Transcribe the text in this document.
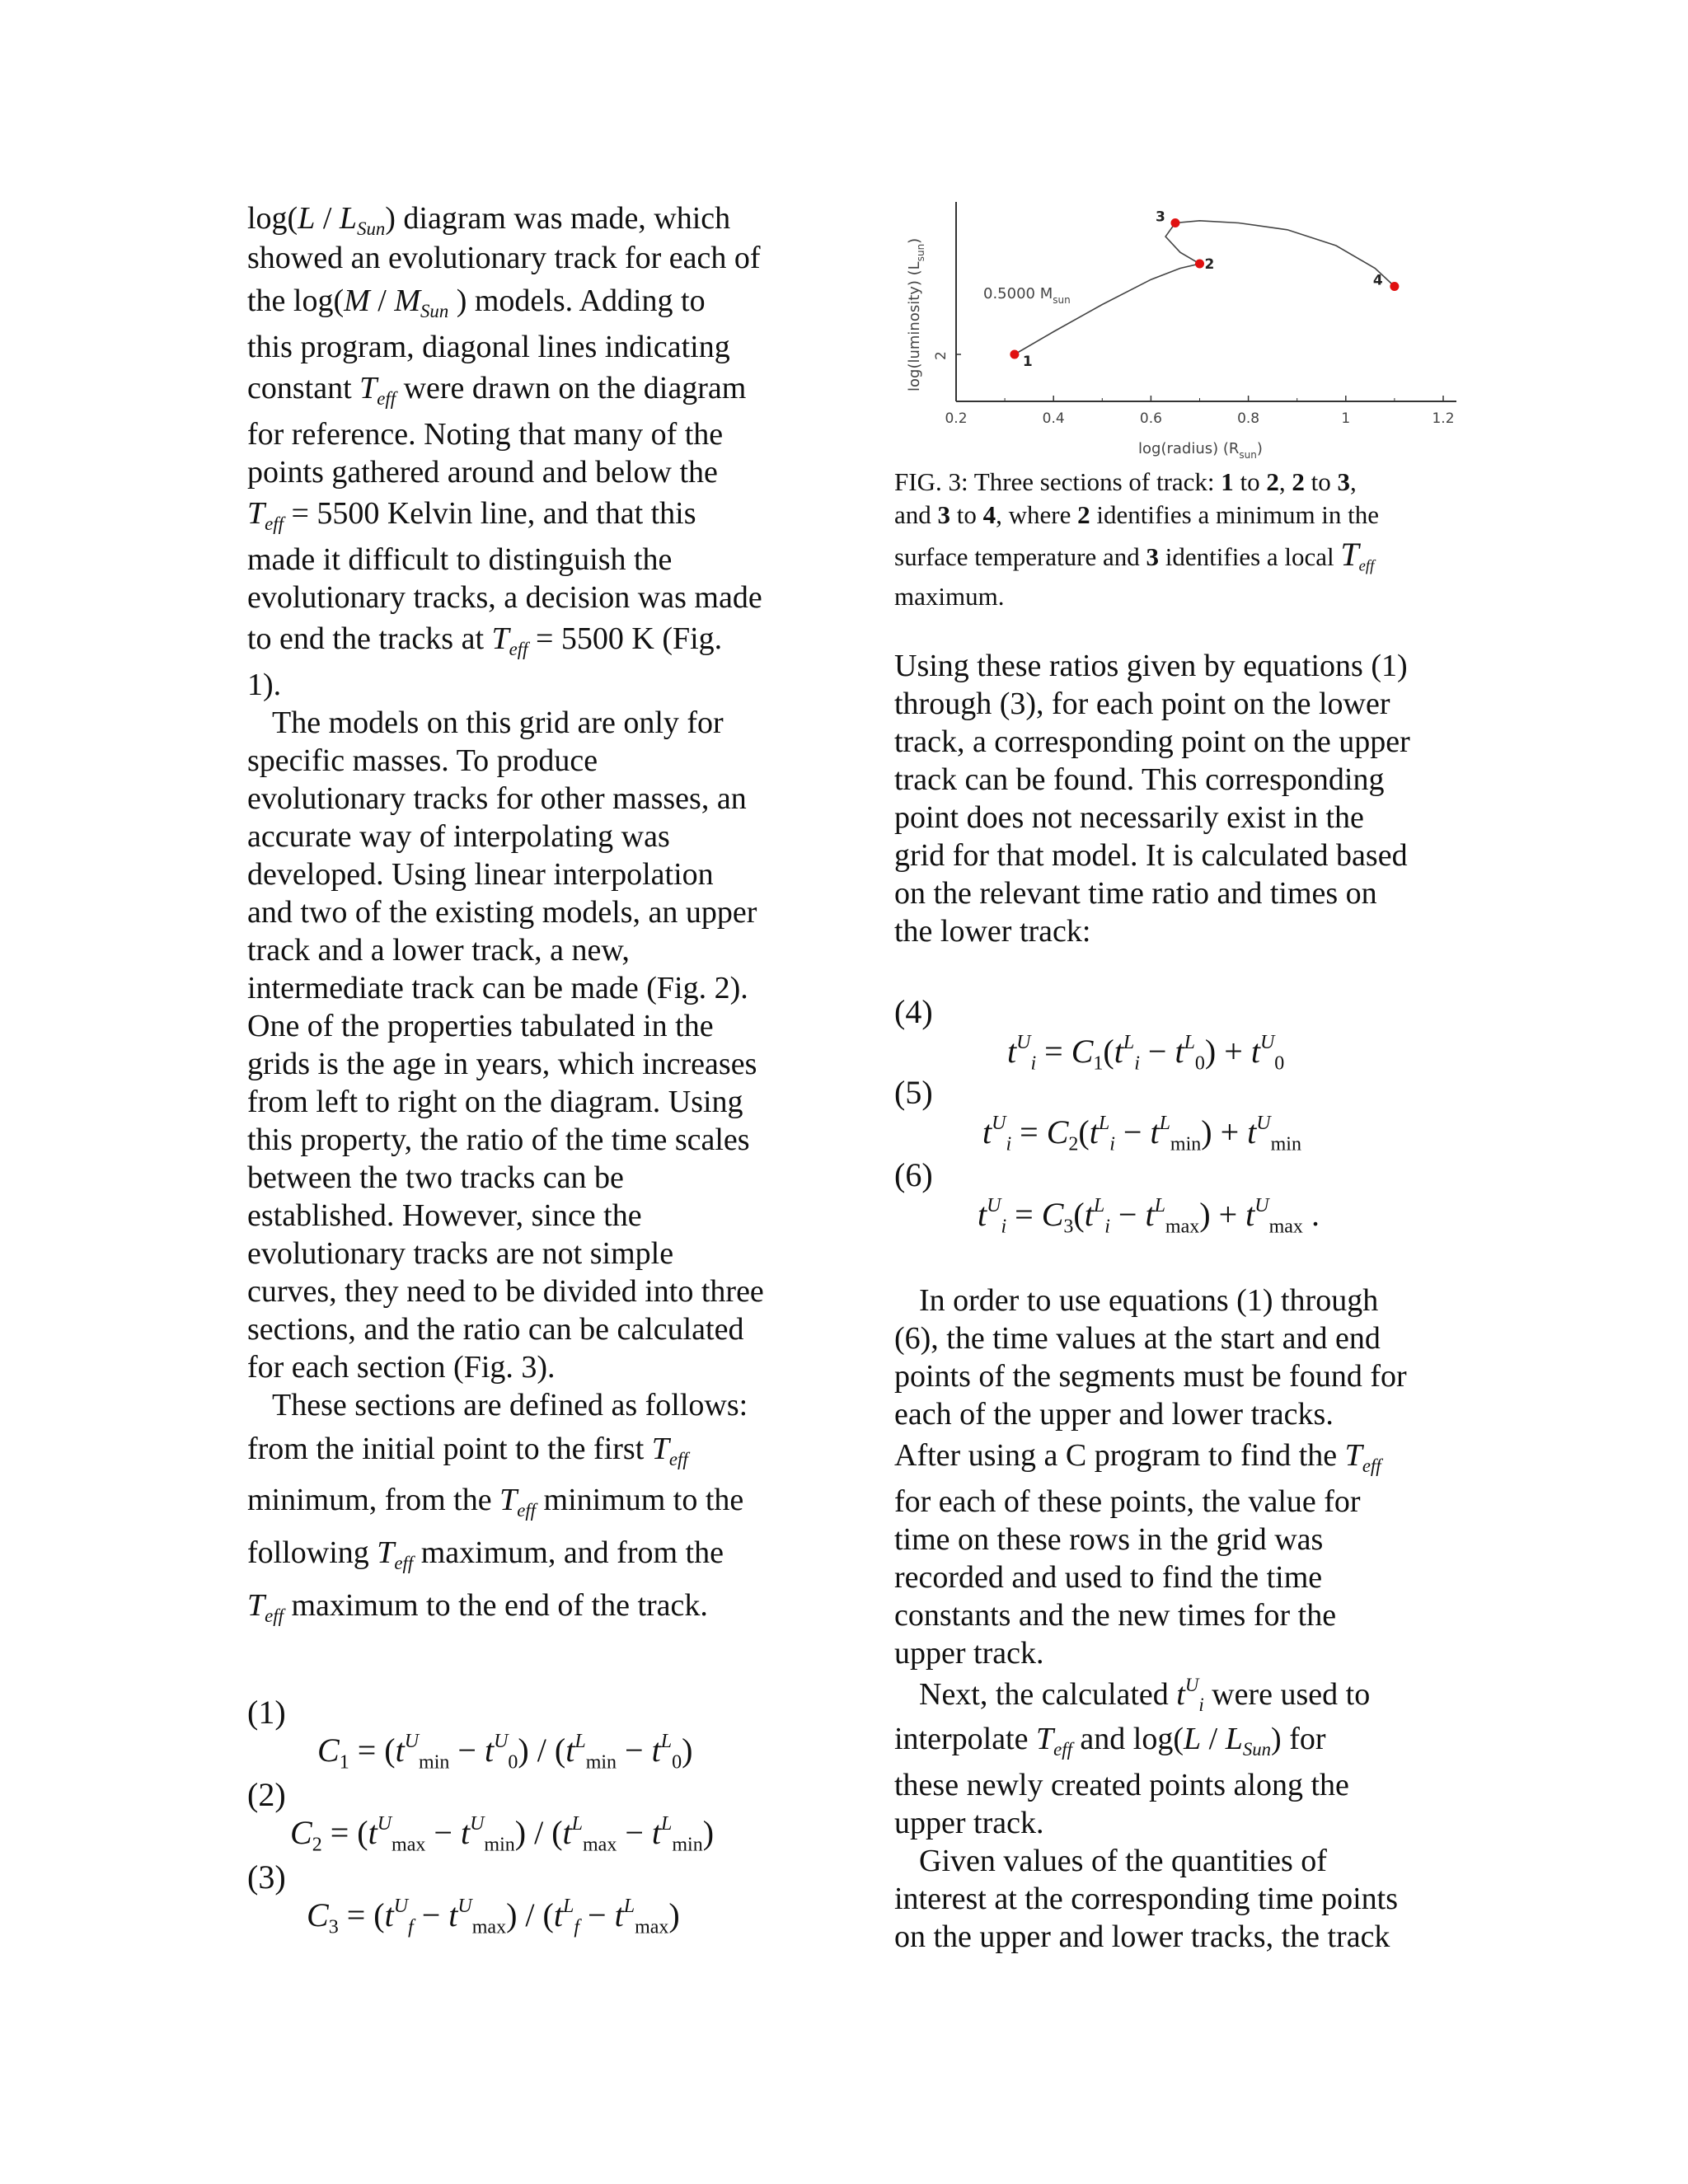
$\log(L / L_{Sun})$ diagram was made, which
showed an evolutionary track for each of
the $\log(M / M_{Sun}$ ) models. Adding to
this program, diagonal lines indicating
constant $T_{eff}$ were drawn on the diagram
for reference. Noting that many of the
points gathered around and below the
$T_{eff} = 5500$ Kelvin line, and that this
made it difficult to distinguish the
evolutionary tracks, a decision was made
to end the tracks at $T_{eff} = 5500$ K (Fig.
1).
The models on this grid are only for
specific masses. To produce
evolutionary tracks for other masses, an
accurate way of interpolating was
developed. Using linear interpolation
and two of the existing models, an upper
track and a lower track, a new,
intermediate track can be made (Fig. 2).
One of the properties tabulated in the
grids is the age in years, which increases
from left to right on the diagram. Using
this property, the ratio of the time scales
between the two tracks can be
established. However, since the
evolutionary tracks are not simple
curves, they need to be divided into three
sections, and the ratio can be calculated
for each section (Fig. 3).
These sections are defined as follows:
from the initial point to the first $T_{eff}$
minimum, from the $T_{eff}$ minimum to the
following $T_{eff}$ maximum, and from the
$T_{eff}$ maximum to the end of the track.
(1)
$C_1 = (t^U_{min} - t^U_0) / (t^L_{min} - t^L_0)$
(2)
$C_2 = (t^U_{max} - t^U_{min}) / (t^L_{max} - t^L_{min})$
(3)
$C_3 = (t^U_f - t^U_{max}) / (t^L_f - t^L_{max})$
0.2	0.4	0.6	0.8	1	1.2
2
0.5000 $M_{sun}$
log(radius) $(R_{sun})$
log(luminosity) $(L_{sun})$
1
2
3
4
FIG. 3: Three sections of track: 1 to 2, 2 to 3,
and 3 to 4, where 2 identifies a minimum in the
surface temperature and 3 identifies a local $T_{eff}$
maximum.
Using these ratios given by equations (1)
through (3), for each point on the lower
track, a corresponding point on the upper
track can be found. This corresponding
point does not necessarily exist in the
grid for that model. It is calculated based
on the relevant time ratio and times on
the lower track:
(4)
$t^U_i = C_1(t^L_i - t^L_0) + t^U_0$
(5)
$t^U_i = C_2(t^L_i - t^L_{min}) + t^U_{min}$
(6)
$t^U_i = C_3(t^L_i - t^L_{max}) + t^U_{max}$ .
In order to use equations (1) through
(6), the time values at the start and end
points of the segments must be found for
each of the upper and lower tracks.
After using a C program to find the $T_{eff}$
for each of these points, the value for
time on these rows in the grid was
recorded and used to find the time
constants and the new times for the
upper track.
Next, the calculated $t^U_i$ were used to
interpolate $T_{eff}$ and $\log(L / L_{Sun})$ for
these newly created points along the
upper track.
Given values of the quantities of
interest at the corresponding time points
on the upper and lower tracks, the track
